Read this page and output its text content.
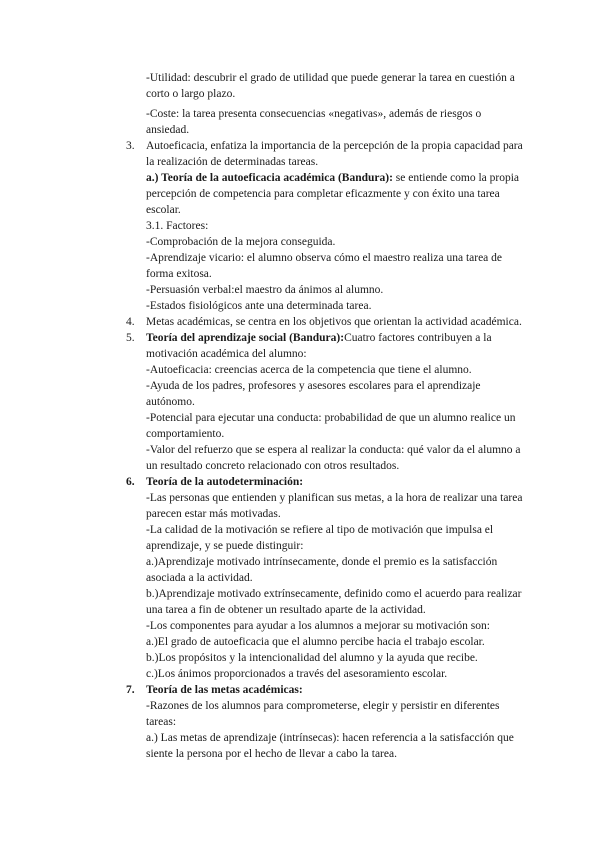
-Utilidad: descubrir el grado de utilidad que puede generar la tarea en cuestión a corto o largo plazo.
-Coste: la tarea presenta consecuencias «negativas», además de riesgos o ansiedad.
3. Autoeficacia, enfatiza la importancia de la percepción de la propia capacidad para la realización de determinadas tareas.
a.) Teoría de la autoeficacia académica (Bandura): se entiende como la propia percepción de competencia para completar eficazmente y con éxito una tarea escolar.
3.1. Factores:
-Comprobación de la mejora conseguida.
-Aprendizaje vicario: el alumno observa cómo el maestro realiza una tarea de forma exitosa.
-Persuasión verbal:el maestro da ánimos al alumno.
-Estados fisiológicos ante una determinada tarea.
4. Metas académicas, se centra en los objetivos que orientan la actividad académica.
5. Teoría del aprendizaje social (Bandura):Cuatro factores contribuyen a la motivación académica del alumno:
-Autoeficacia: creencias acerca de la competencia que tiene el alumno.
-Ayuda de los padres, profesores y asesores escolares para el aprendizaje autónomo.
-Potencial para ejecutar una conducta: probabilidad de que un alumno realice un comportamiento.
-Valor del refuerzo que se espera al realizar la conducta: qué valor da el alumno a un resultado concreto relacionado con otros resultados.
6. Teoría de la autodeterminación:
-Las personas que entienden y planifican sus metas, a la hora de realizar una tarea parecen estar más motivadas.
-La calidad de la motivación se refiere al tipo de motivación que impulsa el aprendizaje, y se puede distinguir:
a.)Aprendizaje motivado intrínsecamente, donde el premio es la satisfacción asociada a la actividad.
b.)Aprendizaje motivado extrínsecamente, definido como el acuerdo para realizar una tarea a fin de obtener un resultado aparte de la actividad.
-Los componentes para ayudar a los alumnos a mejorar su motivación son:
a.)El grado de autoeficacia que el alumno percibe hacia el trabajo escolar.
b.)Los propósitos y la intencionalidad del alumno y la ayuda que recibe.
c.)Los ánimos proporcionados a través del asesoramiento escolar.
7. Teoría de las metas académicas:
-Razones de los alumnos para comprometerse, elegir y persistir en diferentes tareas:
a.) Las metas de aprendizaje (intrínsecas): hacen referencia a la satisfacción que siente la persona por el hecho de llevar a cabo la tarea.
